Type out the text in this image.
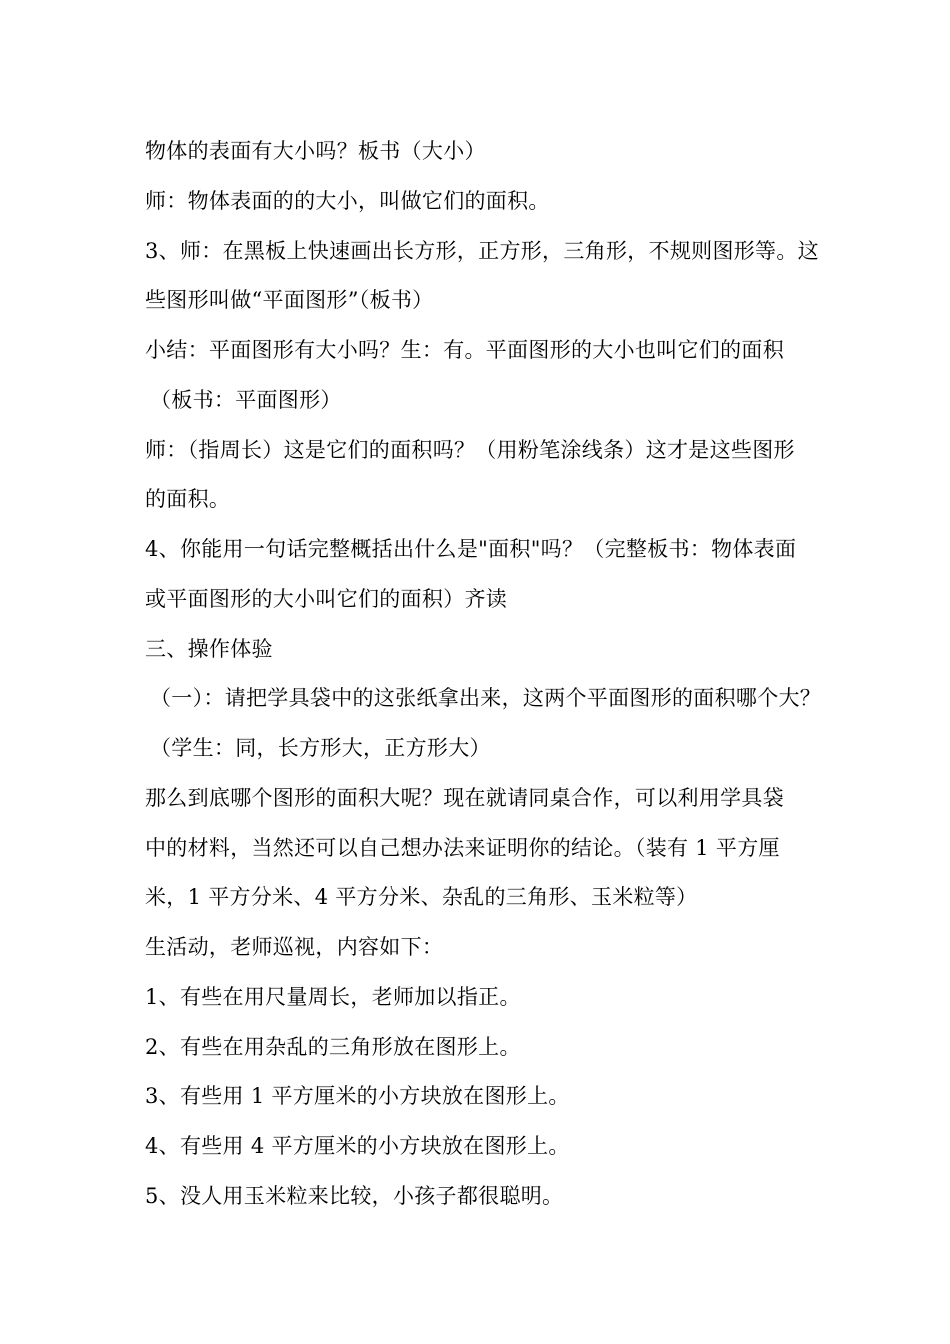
物体的表面有大小吗？板书（大小）
师：物体表面的的大小，叫做它们的面积。
3、师：在黑板上快速画出长方形，正方形，三角形，不规则图形等。这
些图形叫做“平面图形”（板书）
小结：平面图形有大小吗？生：有。平面图形的大小也叫它们的面积
（板书：平面图形）
师：（指周长）这是它们的面积吗？（用粉笔涂线条）这才是这些图形
的面积。
4、你能用一句话完整概括出什么是"面积"吗？（完整板书：物体表面
或平面图形的大小叫它们的面积）齐读
三、操作体验
（一）：请把学具袋中的这张纸拿出来，这两个平面图形的面积哪个大？
（学生：同，长方形大，正方形大）
那么到底哪个图形的面积大呢？现在就请同桌合作，可以利用学具袋
中的材料，当然还可以自己想办法来证明你的结论。（装有 1 平方厘
米，1 平方分米、4 平方分米、杂乱的三角形、玉米粒等）
生活动，老师巡视，内容如下：
1、有些在用尺量周长，老师加以指正。
2、有些在用杂乱的三角形放在图形上。
3、有些用 1 平方厘米的小方块放在图形上。
4、有些用 4 平方厘米的小方块放在图形上。
5、没人用玉米粒来比较，小孩子都很聪明。
